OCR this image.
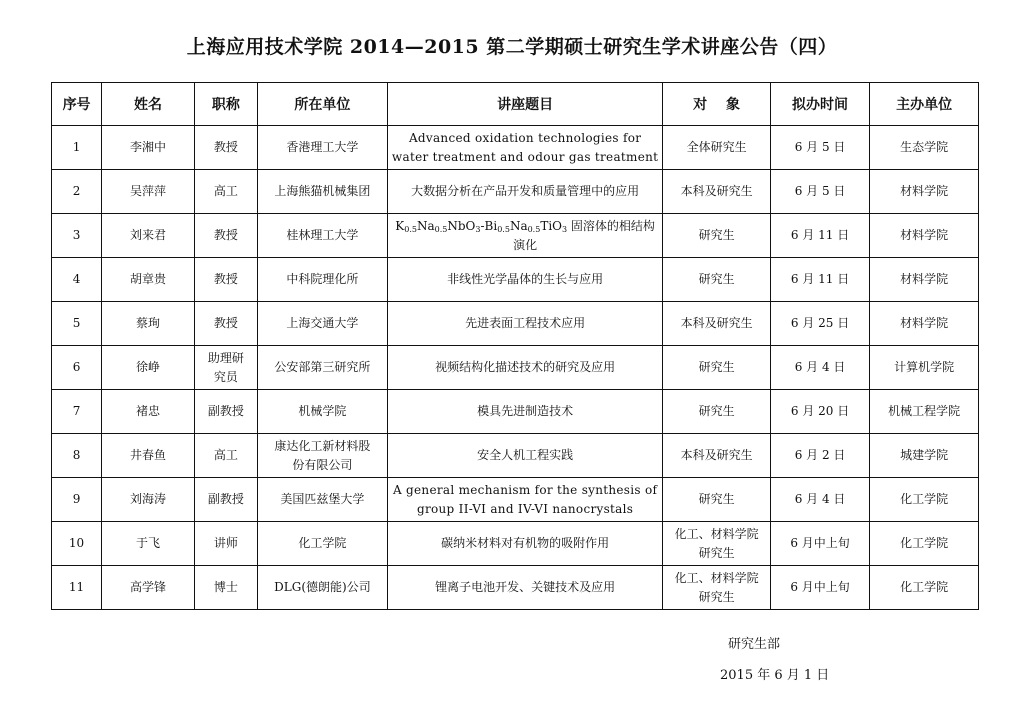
上海应用技术学院 2014—2015 第二学期硕士研究生学术讲座公告（四）
序号	姓名	职称	所在单位	讲座题目	对　 象	拟办时间	主办单位
1	李湘中	教授	香港理工大学	Advanced oxidation technologies for water treatment and odour gas treatment	全体研究生	6 月 5 日	生态学院
2	吴萍萍	高工	上海熊猫机械集团	大数据分析在产品开发和质量管理中的应用	本科及研究生	6 月 5 日	材料学院
3	刘来君	教授	桂林理工大学	$K_{0.5}Na_{0.5}NbO_3-Bi_{0.5}Na_{0.5}TiO_3$ 固溶体的相结构演化	研究生	6 月 11 日	材料学院
4	胡章贵	教授	中科院理化所	非线性光学晶体的生长与应用	研究生	6 月 11 日	材料学院
5	蔡珣	教授	上海交通大学	先进表面工程技术应用	本科及研究生	6 月 25 日	材料学院
6	徐峥	助理研究员	公安部第三研究所	视频结构化描述技术的研究及应用	研究生	6 月 4 日	计算机学院
7	褚忠	副教授	机械学院	模具先进制造技术	研究生	6 月 20 日	机械工程学院
8	井春鱼	高工	康达化工新材料股份有限公司	安全人机工程实践	本科及研究生	6 月 2 日	城建学院
9	刘海涛	副教授	美国匹兹堡大学	A general mechanism for the synthesis of group II-VI and IV-VI nanocrystals	研究生	6 月 4 日	化工学院
10	于飞	讲师	化工学院	碳纳米材料对有机物的吸附作用	化工、材料学院研究生	6 月中上旬	化工学院
11	高学锋	博士	DLG(德朗能)公司	锂离子电池开发、关键技术及应用	化工、材料学院研究生	6 月中上旬	化工学院
研究生部
2015 年 6 月 1 日
